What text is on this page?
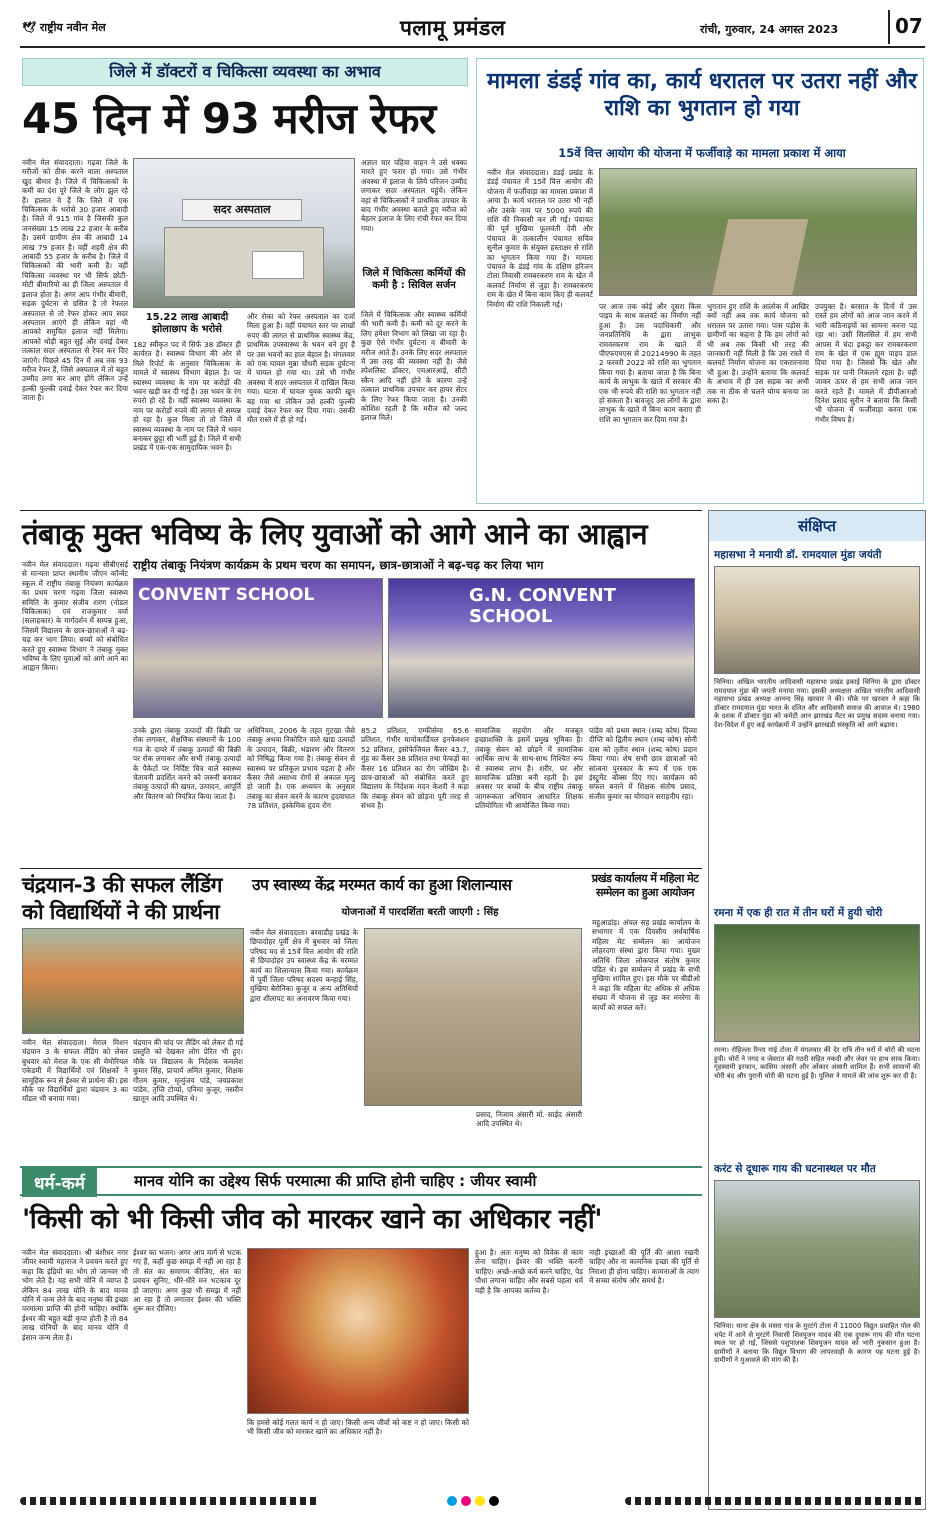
🕊 राष्ट्रीय नवीन मेल	पलामू प्रमंडल	रांची, गुरुवार, 24 अगस्त 2023	07
जिले में डॉक्टरों व चिकित्सा व्यवस्था का अभाव
45 दिन में 93 मरीज रेफर
नवीन मेल संवाददाता। गढ़वा जिले के मरीजों को ठीक करने वाला अस्पताल खुद बीमार है। जिले में चिकित्सकों के कमी का दंश पूरे जिले के लोग झुल रहे हैं। हालात ये हैं कि जिले में एक चिकित्सक के भरोसे 30 हजार आबादी है। जिले में 915 गांव है जिसकी कुल जनसंख्या 15 लाख 22 हजार के करीब है। उसमे ग्रामीण क्षेत्र की आबादी 14 लाख 79 हजार है। वहीं शहरी क्षेत्र की आबादी 55 हजार के करीब है। जिले में चिकित्सकों की भारी कमी है। वहीं चिकित्सा व्यवस्था पर भी सिर्फ छोटी-मोटी बीमारियों का ही जिला अस्पताल में इलाज होता है। अगर आप गंभीर बीमारी, सड़क दुर्घटना से ग्रसित है तो रेफरल अस्पताल से तो रेफर होकर आप सदर अस्पताल आएंगे ही लेकिन वहां भी आपको समुचित इलाज नहीं मिलेगा। आपको थोड़ी बहुत सुई और दवाई देकर तत्काल सदर अस्पताल से रेफर कर दिए जाएंगे। पिछले 45 दिन में अब तक 93 मरीज रेफर हैं, जिसे अस्पताल में तो बहुत उम्मीद लगा कर आए होंगे लेकिन उन्हें हल्की फुल्की दवाई देकर रेफर कर दिया जाता है।
सदर अस्पताल
15.22 लाख आबादी झोलाछाप के भरोसे
182 स्वीकृत पद में सिर्फ 38 डॉक्टर ही कार्यरत है। स्वास्थ्य विभाग की ओर से मिले रिपोर्ट के अनुसार चिकित्सक के मामले में स्वास्थ्य विभाग बेहाल है। पर स्वास्थ्य व्यवस्था के नाम पर करोड़ों की भवन खड़ी कर दी गई है। उस भवन के रंग रुपरो हो रहे है। वहीं स्वास्थ्य व्यवस्था के नाम पर करोड़ों रुपये की लागत से सम्पन्न हो रहा है। कुल मिला तो तो जिले में स्वास्थ्य व्यवस्था के नाम पर जिले में भवन बनाकर छुट्टा सी भर्ती हुई है। जिले में सभी प्रखंड में एक-एक सामुदायिक भवन है।
और रोका को रेफर अस्पताल का दर्जा मिला हुआ है। वहीं पंचायत स्तर पर लाखों रुपए की लागत से प्राथमिक स्वास्थ्य केंद्र, प्राथमिक उपस्वास्थ्य के भवन बने हुए हैं पर उस भवनों का हाल बेहाल है। मंगलवार को एक घायल मुन्ना चौधरी सड़क दुर्घटना में घायल हो गया था। उसे भी गंभीर अवस्था में सदर अस्पताल में दाखिल किया गया। घटना में घायल युवक काफी खून बह गया था लेकिन उसे हल्की फुल्की दवाई देकर रेफर कर दिया गया। उसकी मौत रास्ते में ही हो गई।
अज्ञात चार पहिया वाहन ने उसे धक्का मारते हुए फरार हो गया। उसे गंभीर अवस्था में इलाज के लिये परिजन उम्मीद लगाकर सदर अस्पताल पहुंचे। लेकिन वहां से चिकित्सकों ने प्राथमिक उपचार के बाद गंभीर अवस्था बताते हुए मरीज को बेहतर इलाज के लिए रांची रेफर कर दिया गया।
जिले में चिकित्सा कर्मियों की कमी है : सिविल सर्जन
जिले में चिकित्सक और स्वास्थ्य कर्मियों की भारी कमी है। कमी को दूर करने के लिए हमेशा विभाग को लिखा जा रहा है। कुछ ऐसे गंभीर दुर्घटना व बीमारी के मरीज आते हैं। उनके लिए सदर अस्पताल में उस तरह की व्यवस्था नहीं है। जैसे स्पेशलिस्ट डॉक्टर, एमआरआई, सीटी स्कैन आदि नहीं होने के कारण उन्हें तत्काल प्राथमिक उपचार कर हायर सेंटर के लिए रेफर किया जाता है। उनकी कोशिश रहती है कि मरीज को जल्द इलाज मिले।
मामला डंडई गांव का, कार्य धरातल पर उतरा नहीं और राशि का भुगतान हो गया
15वें वित्त आयोग की योजना में फर्जीवाड़े का मामला प्रकाश में आया
नवीन मेल संवाददाता। डंडई प्रखंड के डंडई पंचायत में 15वें वित्त आयोग की योजना में फर्जीवाड़ा का मामला प्रकाश में आया है। कार्य धरातल पर उतरा भी नहीं और उसके नाम पर 5000 रुपये की राशि की निकासी कर ली गई। पंचायत की पूर्व मुखिया फूलवंती देवी और पंचायत के तत्कालीन पंचायत सचिव सुनील कुमार के संयुक्त हस्ताक्षर से राशि का भुगतान किया गया है। मामला पंचायत के डंडई गांव के दक्षिण हरिजन टोला निवासी रामबरकरण राम के खेत में कलवर्ट निर्माण से जुड़ा है। रामबरकरण राम के खेत में बिना काम किए ही कलवर्ट निर्माण की राशि निकाली गई।	पर आज तक कोई और दूसरा किस पाइप के साथ कलवर्ट का निर्माण नहीं हुआ है। उस पदाधिकारी और जनप्रतिनिधि के द्वारा लाभुक रामवरकरण राम के खाते में पीएफएमएस से 20214990 के तहत 2 फरवरी 2022 को राशि का भुगतान किया गया है। बताया जाता है कि बिना कार्य के लाभुक के खाते में सरकार की एक भी रुपये की राशि का भुगतान नहीं हो सकता है। बावजूद उस लोगों के द्वारा लाभुक के खाते में बिना काम कराए ही राशि का भुगतान कर दिया गया है।
भुगतान हुए राशि के आलोक में आखिर क्यों नहीं अब तक कार्य योजना को धरातल पर उतारा गया। पास पड़ोस के ग्रामीणों का कहना है कि हम लोगों को भी अब तक किसी भी तरह की जानकारी नहीं मिली है कि उस रास्ते में कलवर्ट निर्माण योजना का एकरारनामा भी हुआ है। उन्होंने बताया कि कलवर्ट के अभाव में ही उस सड़क का अभी तक ना ठीक से चलने योग्य बनाया जा सका है।
उपयुक्त है। बरसात के दिनों में उस रास्ते हम लोगों को आज जान करने में भारी कठिनाइयों का सामना करना पड़ रहा था। उसी सिलसिले में हम सभी आपस में चंदा इकट्ठा कर रामबरकरण राम के खेत में एक ह्यूम पाइप डाल दिया गया है। जिससे कि खेत और सड़क पर पानी निकलने रहता है। वहीं जाकर ऊपर से हम सभी आज जान करते रहते हैं। मामले में डीपीआरओ दिनेश प्रसाद सुरीन ने बताया कि किसी भी योजना में फर्जीवाड़ा करना एक गंभीर विषय है।
तंबाकू मुक्त भविष्य के लिए युवाओं को आगे आने का आह्वान
राष्ट्रीय तंबाकू नियंत्रण कार्यक्रम के प्रथम चरण का समापन, छात्र-छात्राओं ने बढ़-चढ़ कर लिया भाग
नवीन मेल संवाददाता। गढ़वा सीबीएसई से मान्यता प्राप्त स्थानीय जीएन कॉन्वेंट स्कूल में राष्ट्रीय तंबाकू नियंत्रण कार्यक्रम का प्रथम चरण गढ़वा जिला स्वास्थ्य समिति के कुमार संजीव शरण (नोडल चिकित्सक) एवं राजकुमार वर्मा (सलाहकार) के मार्गदर्शन में सम्पन्न हुआ, जिसमें विद्यालय के छात्र-छात्राओं ने बढ़-चढ़ कर भाग लिया। बच्चों को संबोधित करते हुए स्वास्थ्य विभाग ने तंबाकू मुक्त भविष्य के लिए युवाओं को आगे आने का आह्वान किया।
CONVENT SCHOOL	G.N. CONVENT SCHOOL
उनके द्वारा तंबाकू उत्पादों की बिक्री पर रोक लगाकर, शैक्षणिक संस्थानों के 100 गज के दायरे में तंबाकू उत्पादों की बिक्री पर रोक लगाकर और सभी तंबाकू उत्पादों के पैकेटों पर निर्दिष्ट चित्र वाले स्वास्थ्य चेतावनी प्रदर्शित करने को जरूरी बनाकर तंबाकू उत्पादों की खपत, उत्पादन, आपूर्ति और वितरण को नियंत्रित किया जाता है।
अधिनियम, 2006 के तहत गुटखा जैसे तंबाकू अथवा निकोटिन वाले खाद्य उत्पादों के उत्पादन, बिक्री, भंडारण और वितरण को निषिद्ध किया गया है। तंबाकू सेवन से स्वास्थ्य पर प्रतिकूल प्रभाव पड़ता है और कैंसर जैसे असाध्य रोगों से अकाल मृत्यु हो जाती है। एक अध्ययन के अनुसार तंबाकू का सेवन करने के कारण हृदयाघात 78 प्रतिशत, इस्केमिक हृदय रोग
85.2 प्रतिशत, एम्फीसेमा 65.6 प्रतिशत, गंभीर मायोकार्डियल इनफेक्शन 52 प्रतिशत, इसोफेजियल कैंसर 43.7, मुंह का कैंसर 38 प्रतिशत तथा फेफड़ों का कैंसर 16 प्रतिशत का रोग जोखिम है। छात्र-छात्राओं को संबोधित करते हुए विद्यालय के निदेशक मदन केशरी ने कहा कि तंबाकू सेवन को छोड़ना पूरी तरह से संभव है।
सामाजिक सहयोग और मजबूत इच्छाशक्ति के इसमें प्रमुख भूमिका है। तंबाकू सेवन को छोड़ने में सामाजिक आर्थिक लाभ के साथ-साथ निश्चित रूप से स्वास्थ्य लाभ है। शरीर, घर और सामाजिक प्रतिष्ठा बनी रहती है। इस अवसर पर बच्चों के बीच राष्ट्रीय तंबाकू जागरूकता अभियान आधारित शिक्षक प्रतियोगिता भी आयोजित किया गया।
पांडेय को प्रथम स्थान (शब्द कोष) दिव्या दीप्ति को द्वितीय स्थान (शब्द कोष) सोनी दास को तृतीय स्थान (शब्द कोष) प्रदान किया गया। शेष सभी छात्र छात्राओं को सांत्वना पुरस्कार के रूप में एक एक इंस्ट्रूमेंट बॉक्स दिए गए। कार्यक्रम को सफल बनाने में शिक्षक संतोष प्रसाद, संजीव कुमार का योगदान सराहनीय रहा।
चंद्रयान-3 की सफल लैंडिंग को विद्यार्थियों ने की प्रार्थना
नवीन मेल संवाददाता। मेराल मिशन चंद्रयान 3 के सफल लैंडिंग को लेकर बुधवार को मेराल के एक सी मेमोरियल एकेडमी में विद्यार्थियों एवं शिक्षकों ने सामूहिक रूप से ईश्वर से प्रार्थना की। इस मौके पर विद्यार्थियों द्वारा चंद्रयान 3 का मॉडल भी बनाया गया।
चंद्रयान की चांद पर लैंडिंग को लेकर दी गई प्रस्तुति को देखकर लोग प्रेरित भी हुए। मौके पर विद्यालय के निदेशक कमलेश कुमार सिंह, प्राचार्य अमित कुमार, शिक्षक गौतम कुमार, मृत्युंजय पांडे, जयप्रकाश पांडेय, तृप्ति टोप्पो, एनिमा कुजूर, नसरीन खातून आदि उपस्थित थे।
उप स्वास्थ्य केंद्र मरम्मत कार्य का हुआ शिलान्यास
योजनाओं में पारदर्शिता बरती जाएगी : सिंह
नवीन मेल संवाददाता। बरवाडीह प्रखंड के छिपादोहर पूर्वी क्षेत्र में बुधवार को जिला परिषद मद से 15वें वित्त आयोग की राशि से छिपादोहर उप स्वास्थ्य केंद्र के मरम्मत कार्य का शिलान्यास किया गया। कार्यक्रम में पूर्वी जिला परिषद सदस्य कन्हाई सिंह, मुखिया बेरोनिका कुजूर व अन्य अतिथियों द्वारा शीलापट का अनावरण किया गया।
प्रसाद, निजाम अंसारी मो. साईद अंसारी आदि उपस्थित थे।
प्रखंड कार्यालय में महिला मेट सम्मेलन का हुआ आयोजन
महुआडांड़। अंचल सह प्रखंड कार्यालय के सभागार में एक दिवसीय अर्धवार्षिक महिला मेट सम्मेलन का आयोजन लोहरदगा संस्था द्वारा किया गया। मुख्य अतिथि जिला लोकपाल संतोष कुमार पंडित थे। इस सम्मेलन में प्रखंड के सभी मुखिया शामिल हुए। इस मौके पर बीडीओ ने कहा कि महिला मेट अधिक से अधिक संख्या में योजना से जुड़ कर मनरेगा के कार्यों को सफल करें।
संक्षिप्त
महासभा ने मनायी डॉ. रामदयाल मुंडा जयंती
चिनिया। अखिल भारतीय आदिवासी महासभा प्रखंड इकाई चिनिया के द्वारा डॉक्टर रामदयाल मुंडा की जयंती मनाया गया। इसकी अध्यक्षता अखिल भारतीय आदिवासी महासभा प्रखंड अध्यक्ष आनन्द सिंह खरवार ने की। मौके पर खरवार ने कहा कि डॉक्टर रामदयाल मुंडा भारत के दलित और आदिवासी समाज की आवाज थे। 1980 के दशक में डॉक्टर मुंडा को कमेटी आन झारखंड मैटर का प्रमुख सदस्य बनाया गया। देश-विदेश में हुए कई कार्यक्रमों में उन्होंने झारखंडी संस्कृति को आगे बढ़ाया।
रमना में एक ही रात में तीन घरों में हुयी चोरी
रमना। रोहिल्ला रिन्ता गांई टोला में मंगलवार की देर रात्रि तीन घरों में चोरों की घटना हुयी। चोरों ने नगद व जेवरात की गठरी सहित नकदी और जेवर पर हाथ साफ किया। गृहस्वामी इरफान, कासिम अंसारी और ओंकार अंसारी शामिल हैं। सभी सामानों की चोरी बंद और पुरानी चोरी की घटना हुई है। पुलिस ने मामले की जांच शुरू कर दी है।
करंट से दूधारू गाय की घटनास्थल पर मौत
चिनिया। थाना क्षेत्र के मसरा गांव के मुरटंगे टोला में 11000 विद्युत प्रवाहित पोल की चपेट में आने से मुरटंगे निवासी शिवपूजन यादव की एक दुधारू गाय की मौत घटना स्थल पर हो गई, जिससे पशुपालक शिवपूजन यादव को भारी नुकसान हुआ है। ग्रामीणों ने बताया कि विद्युत विभाग की लापरवाही के कारण यह घटना हुई है। ग्रामीणों ने मुआवजे की मांग की है।
धर्म-कर्म	मानव योनि का उद्देश्य सिर्फ परमात्मा की प्राप्ति होनी चाहिए : जीयर स्वामी
'किसी को भी किसी जीव को मारकर खाने का अधिकार नहीं'
नवीन मेल संवाददाता। श्री बंशीधर नगर जीयर स्वामी महाराज ने प्रवचन करते हुए कहा कि इंद्रियों का भोग तो जानवर भी भोग लेते है। यह सभी योनि में व्याप्त है लेकिन 84 लाख योनि के बाद मानव योनि में जन्म लेने के बाद मनुष्य की इच्छा परमात्मा प्राप्ति की होनी चाहिए। क्योंकि ईश्वर की बहुत बड़ी कृपा होती है तो 84 लाख योनियों के बाद मानव योनि में इंसान जन्म लेता है।
ईश्वर का भजन। अगर आप मार्ग से भटक गए हैं, कहीं कुछ समझ में नहीं आ रहा है तो संत का समागम कीजिए, संत का प्रवचन सुनिए, धीरे-धीरे मन भटकाव दूर हो जाएगा। अगर कुछ भी समझ में नहीं आ रहा है तो लगातार ईश्वर की भक्ति शुरू कर दीजिए।
कि हमसे कोई गलत कार्य न हो जाए। किसी अन्य जीवों को कष्ट न हो जाए। किसी को भी किसी जीव को मारकर खाने का अधिकार नहीं है।
हुआ है। अतः मनुष्य को विवेक से काम लेना चाहिए। ईश्वर की भक्ति करनी चाहिए। अच्छे-अच्छे कर्म करने चाहिए, पेड़ पौधा लगाना चाहिए और सबसे पहला धर्म यही है कि आपका कर्तव्य है।
नाही इच्छाओं की पूर्ति की आशा रखनी चाहिए और ना कामनिक इच्छा की पूर्ति से निराशा ही होना चाहिए। कामनाओं के त्याग में सच्चा संतोष और समर्थ है।
